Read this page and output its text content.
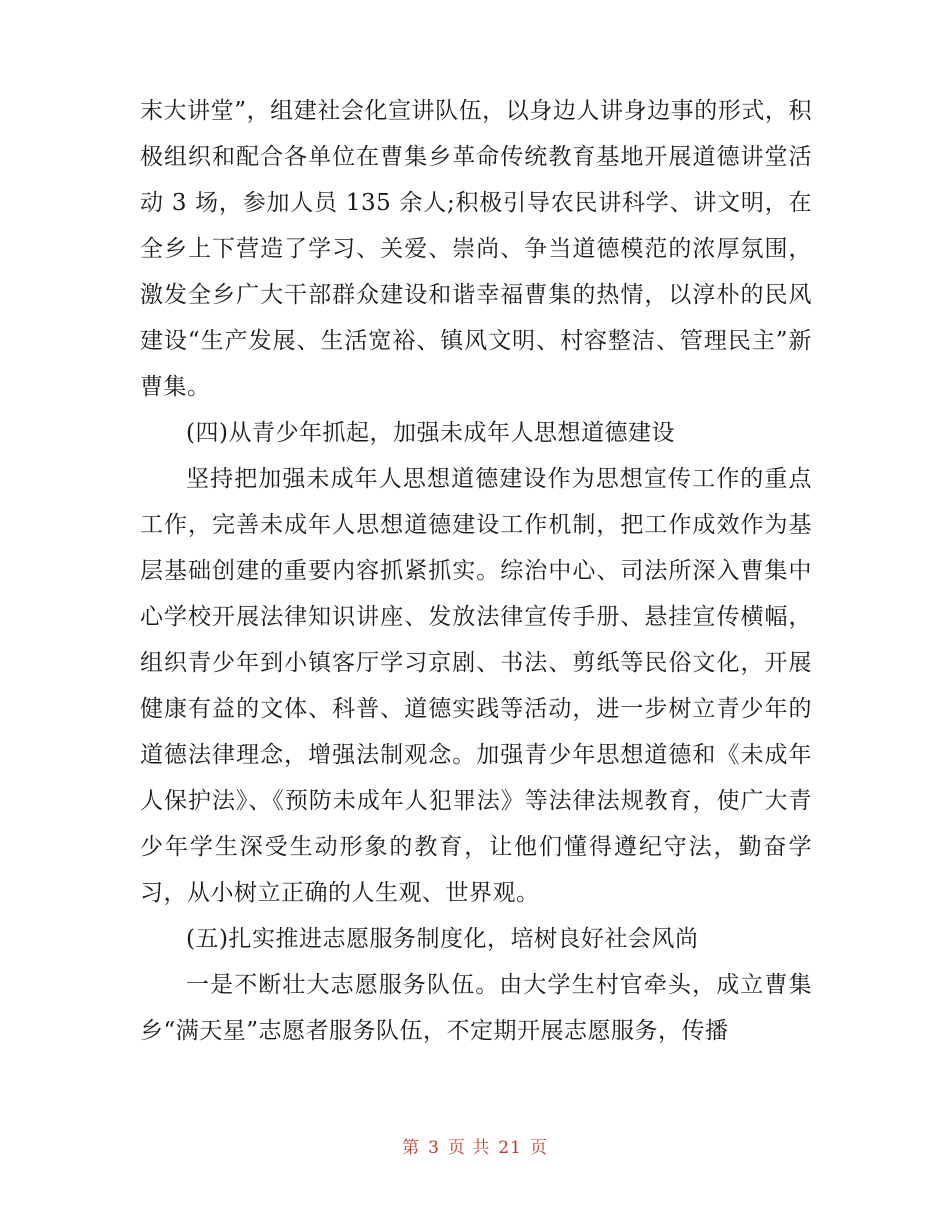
末大讲堂”，组建社会化宣讲队伍，以身边人讲身边事的形式，积极组织和配合各单位在曹集乡革命传统教育基地开展道德讲堂活动 3 场，参加人员 135 余人;积极引导农民讲科学、讲文明，在全乡上下营造了学习、关爱、崇尚、争当道德模范的浓厚氛围，激发全乡广大干部群众建设和谐幸福曹集的热情，以淳朴的民风建设“生产发展、生活宽裕、镇风文明、村容整洁、管理民主”新曹集。

(四)从青少年抓起，加强未成年人思想道德建设

坚持把加强未成年人思想道德建设作为思想宣传工作的重点工作，完善未成年人思想道德建设工作机制，把工作成效作为基层基础创建的重要内容抓紧抓实。综治中心、司法所深入曹集中心学校开展法律知识讲座、发放法律宣传手册、悬挂宣传横幅，组织青少年到小镇客厅学习京剧、书法、剪纸等民俗文化，开展健康有益的文体、科普、道德实践等活动，进一步树立青少年的道德法律理念，增强法制观念。加强青少年思想道德和《未成年人保护法》、《预防未成年人犯罪法》等法律法规教育，使广大青少年学生深受生动形象的教育，让他们懂得遵纪守法，勤奋学习，从小树立正确的人生观、世界观。

(五)扎实推进志愿服务制度化，培树良好社会风尚

一是不断壮大志愿服务队伍。由大学生村官牵头，成立曹集乡“满天星”志愿者服务队伍，不定期开展志愿服务，传播

第 3 页 共 21 页
